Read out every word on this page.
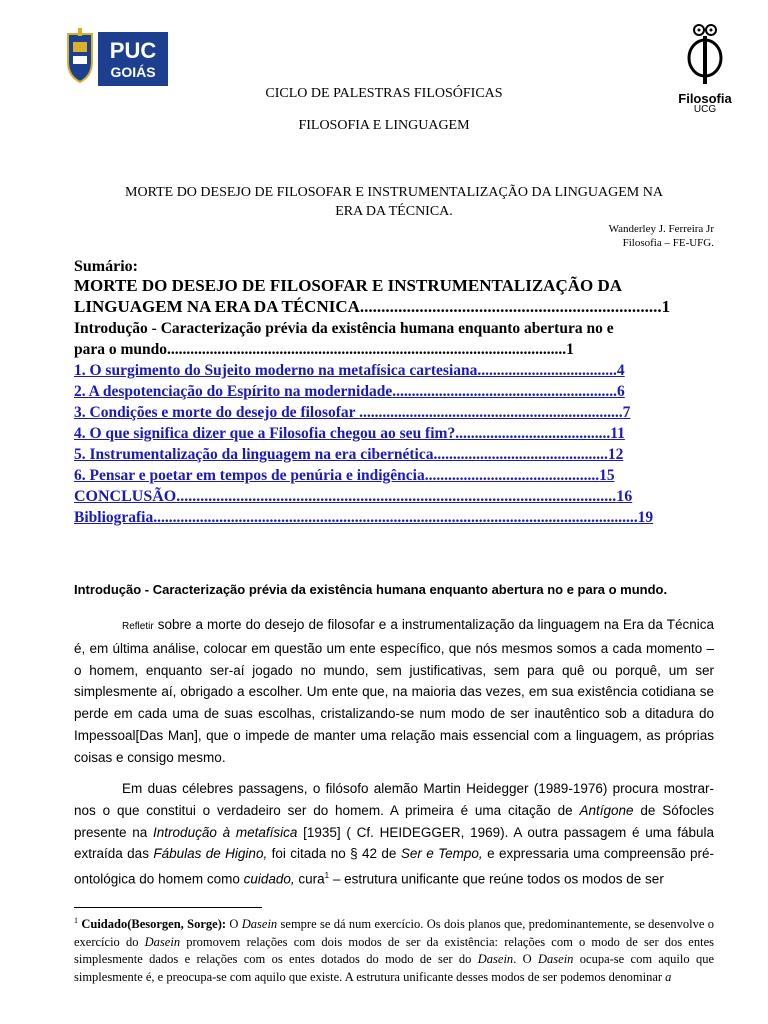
PUC
GOIÁS
Filosofia
UCG
CICLO DE PALESTRAS FILOSÓFICAS
FILOSOFIA E LINGUAGEM
MORTE DO DESEJO DE FILOSOFAR E INSTRUMENTALIZAÇÃO DA LINGUAGEM NA
ERA DA TÉCNICA.
Wanderley J. Ferreira Jr
Filosofia – FE-UFG.
Sumário:
MORTE DO DESEJO DE FILOSOFAR E INSTRUMENTALIZAÇÃO DA
LINGUAGEM NA ERA DA TÉCNICA.......................................................................1
Introdução - Caracterização prévia da existência humana enquanto abertura no e
para o mundo.......................................................................................................1
1. O surgimento do Sujeito moderno na metafísica cartesiana....................................4
2. A despotenciação do Espírito na modernidade..........................................................6
3. Condições e morte do desejo de filosofar ....................................................................7
4. O que significa dizer que a Filosofia chegou ao seu fim?........................................11
5. Instrumentalização da linguagem na era cibernética.............................................12
6. Pensar e poetar em tempos de penúria e indigência.............................................15
CONCLUSÃO..............................................................................................................16
Bibliografia.............................................................................................................................19
Introdução - Caracterização prévia da existência humana enquanto abertura no e para o mundo.
Refletir sobre a morte do desejo de filosofar e a instrumentalização da linguagem na Era da Técnica é, em última análise, colocar em questão um ente específico, que nós mesmos somos a cada momento – o homem, enquanto ser-aí jogado no mundo, sem justificativas, sem para quê ou porquê, um ser simplesmente aí, obrigado a escolher. Um ente que, na maioria das vezes, em sua existência cotidiana se perde em cada uma de suas escolhas, cristalizando-se num modo de ser inautêntico sob a ditadura do Impessoal[Das Man], que o impede de manter uma relação mais essencial com a linguagem, as próprias coisas e consigo mesmo.
Em duas célebres passagens, o filósofo alemão Martin Heidegger (1989-1976) procura mostrar-nos o que constitui o verdadeiro ser do homem. A primeira é uma citação de Antígone de Sófocles presente na Introdução à metafísica [1935] ( Cf. HEIDEGGER, 1969). A outra passagem é uma fábula extraída das Fábulas de Higino, foi citada no § 42 de Ser e Tempo, e expressaria uma compreensão pré-ontológica do homem como cuidado, cura$^1$ – estrutura unificante que reúne todos os modos de ser
$^1$ Cuidado(Besorgen, Sorge): O Dasein sempre se dá num exercício. Os dois planos que, predominantemente, se desenvolve o exercício do Dasein promovem relações com dois modos de ser da existência: relações com o modo de ser dos entes simplesmente dados e relações com os entes dotados do modo de ser do Dasein. O Dasein ocupa-se com aquilo que simplesmente é, e preocupa-se com aquilo que existe. A estrutura unificante desses modos de ser podemos denominar a
